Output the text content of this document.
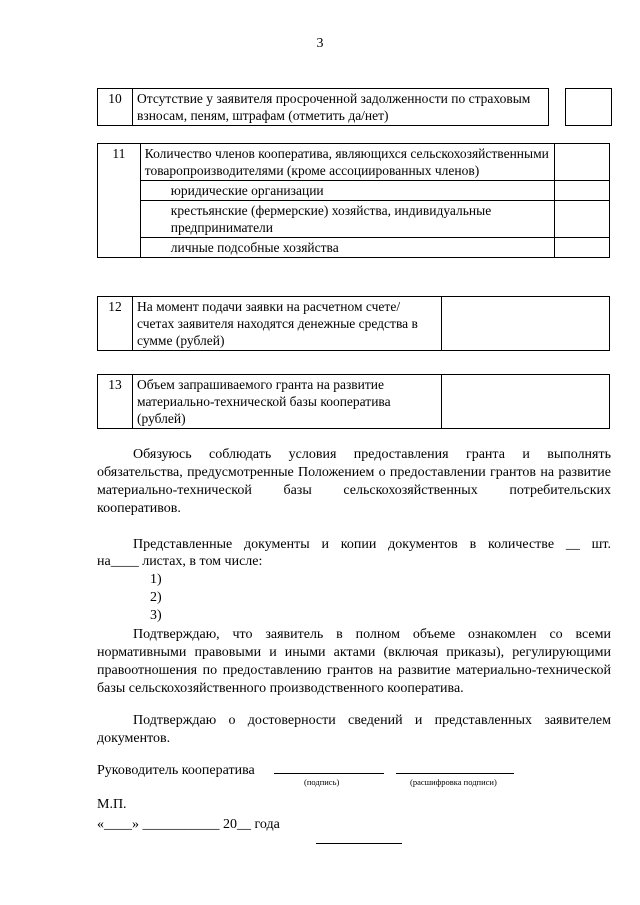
3
10	Отсутствие у заявителя просроченной задолженности по страховым взносам, пеням, штрафам (отметить да/нет)
11	Количество членов кооператива, являющихся сельскохозяйственными товаропроизводителями (кроме ассоциированных членов)	
	юридические организации	
	крестьянские (фермерские) хозяйства, индивидуальные предприниматели	
	личные подсобные хозяйства	
12	На момент подачи заявки на расчетном счете/счетах заявителя находятся денежные средства в сумме (рублей)	
13	Объем запрашиваемого гранта на развитие материально-технической базы кооператива (рублей)	
Обязуюсь соблюдать условия предоставления гранта и выполнять обязательства, предусмотренные Положением о предоставлении грантов на развитие материально-технической базы сельскохозяйственных потребительских кооперативов.
Представленные документы и копии документов в количестве __ шт.
на____ листах, в том числе:
1)
2)
3)
Подтверждаю, что заявитель в полном объеме ознакомлен со всеми нормативными правовыми и иными актами (включая приказы), регулирующими правоотношения по предоставлению грантов на развитие материально-технической базы сельскохозяйственного производственного кооператива.
Подтверждаю о достоверности сведений и представленных заявителем документов.
Руководитель кооператива
(подпись)	(расшифровка подписи)
М.П.
«____» ___________ 20__ года
